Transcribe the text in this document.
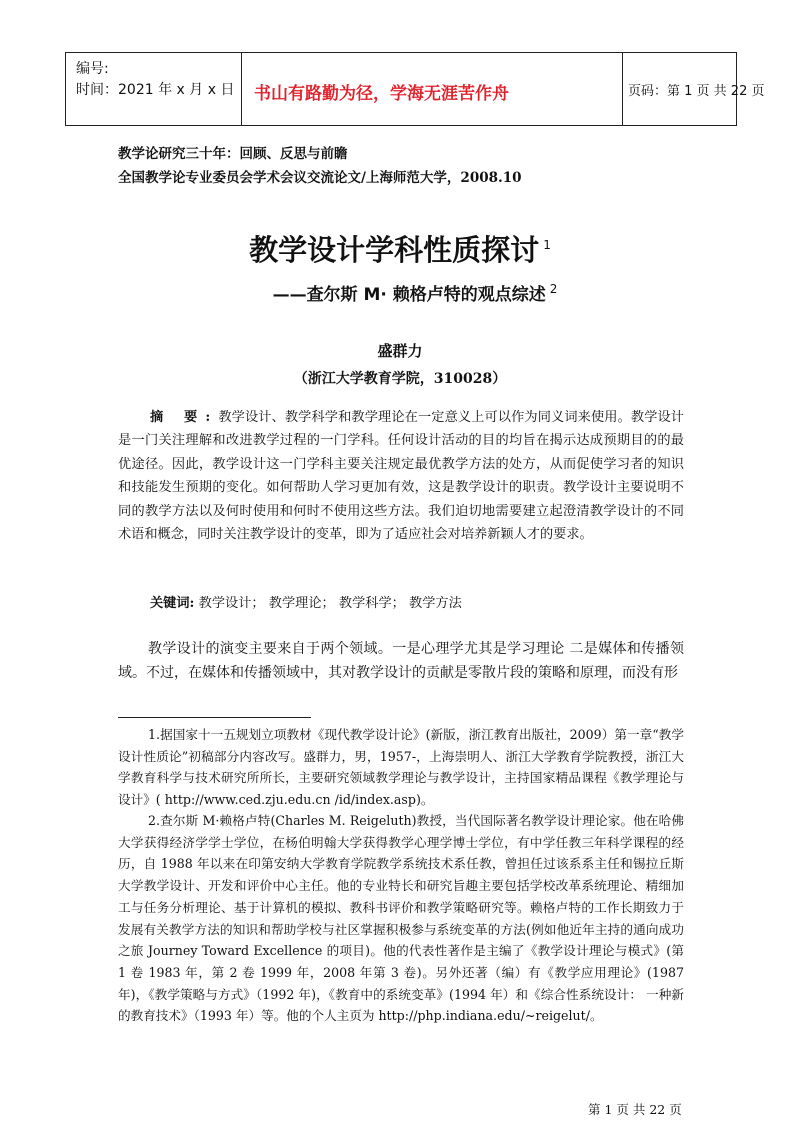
编号:
时间：2021 年 x 月 x 日 书山有路勤为径，学海无涯苦作舟	页码：第 1 页 共 22 页
教学论研究三十年：回顾、反思与前瞻
全国教学论专业委员会学术会议交流论文/上海师范大学，2008.10
教学设计学科性质探讨 $^1$
——查尔斯 M· 赖格卢特的观点综述 $^2$
盛群力
（浙江大学教育学院，310028）
摘 要:教学设计、教学科学和教学理论在一定意义上可以作为同义词来使用。教学设计是一门关注理解和改进教学过程的一门学科。任何设计活动的目的均旨在揭示达成预期目的的最优途径。因此，教学设计这一门学科主要关注规定最优教学方法的处方，从而促使学习者的知识和技能发生预期的变化。如何帮助人学习更加有效，这是教学设计的职责。教学设计主要说明不同的教学方法以及何时使用和何时不使用这些方法。我们迫切地需要建立起澄清教学设计的不同术语和概念，同时关注教学设计的变革，即为了适应社会对培养新颖人才的要求。
关键词: 教学设计； 教学理论； 教学科学； 教学方法
教学设计的演变主要来自于两个领域。一是心理学尤其是学习理论 二是媒体和传播领域。不过，在媒体和传播领域中，其对教学设计的贡献是零散片段的策略和原理，而没有形
1.据国家十一五规划立项教材《现代教学设计论》(新版，浙江教育出版社，2009）第一章“教学设计性质论”初稿部分内容改写。盛群力，男，1957-，上海崇明人、浙江大学教育学院教授，浙江大学教育科学与技术研究所所长，主要研究领域教学理论与教学设计，主持国家精品课程《教学理论与设计》( http://www.ced.zju.edu.cn /id/index.asp)。
2.查尔斯 M·赖格卢特(Charles M. Reigeluth)教授，当代国际著名教学设计理论家。他在哈佛大学获得经济学学士学位，在杨伯明翰大学获得教学心理学博士学位，有中学任教三年科学课程的经历，自 1988 年以来在印第安纳大学教育学院教学系统技术系任教，曾担任过该系系主任和锡拉丘斯大学教学设计、开发和评价中心主任。他的专业特长和研究旨趣主要包括学校改革系统理论、精细加工与任务分析理论、基于计算机的模拟、教科书评价和教学策略研究等。赖格卢特的工作长期致力于发展有关教学方法的知识和帮助学校与社区掌握积极参与系统变革的方法(例如他近年主持的通向成功之旅 Journey Toward Excellence 的项目)。他的代表性著作是主编了《教学设计理论与模式》(第 1 卷 1983 年，第 2 卷 1999 年，2008 年第 3 卷)。另外还著（编）有《教学应用理论》(1987 年)，《教学策略与方式》（1992 年)，《教育中的系统变革》(1994 年）和《综合性系统设计： 一种新的教育技术》（1993 年）等。他的个人主页为 http://php.indiana.edu/~reigelut/。
第 1 页 共 22 页
